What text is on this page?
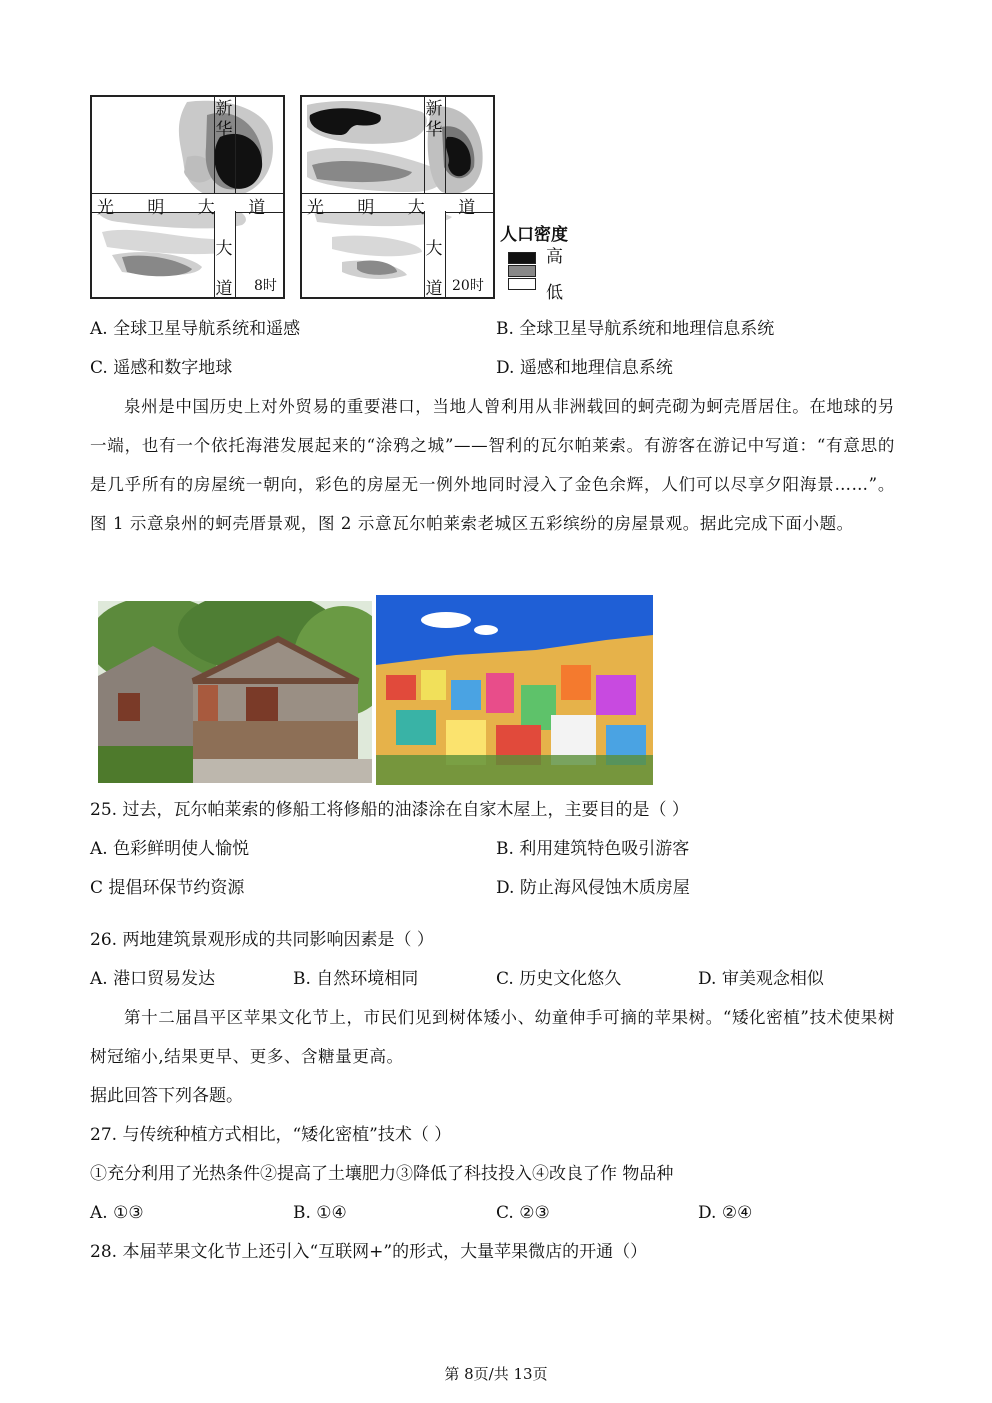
光 明 大 道
新华
大道 8时
光 明 大 道
新华
大道 20时
人口密度
高
低
A. 全球卫星导航系统和遥感	B. 全球卫星导航系统和地理信息系统
C. 遥感和数字地球	D. 遥感和地理信息系统
泉州是中国历史上对外贸易的重要港口，当地人曾利用从非洲载回的蚵壳砌为蚵壳厝居住。在地球的另一端，也有一个依托海港发展起来的“涂鸦之城”——智利的瓦尔帕莱索。有游客在游记中写道：“有意思的是几乎所有的房屋统一朝向，彩色的房屋无一例外地同时浸入了金色余辉，人们可以尽享夕阳海景……”。图 1 示意泉州的蚵壳厝景观，图 2 示意瓦尔帕莱索老城区五彩缤纷的房屋景观。据此完成下面小题。
25. 过去，瓦尔帕莱索的修船工将修船的油漆涂在自家木屋上，主要目的是（ ）
A. 色彩鲜明使人愉悦	B. 利用建筑特色吸引游客
C 提倡环保节约资源	D. 防止海风侵蚀木质房屋
26. 两地建筑景观形成的共同影响因素是（ ）
A. 港口贸易发达	B. 自然环境相同	C. 历史文化悠久	D. 审美观念相似
第十二届昌平区苹果文化节上，市民们见到树体矮小、幼童伸手可摘的苹果树。“矮化密植”技术使果树树冠缩小,结果更早、更多、含糖量更高。
据此回答下列各题。
27. 与传统种植方式相比，“矮化密植”技术（ ）
①充分利用了光热条件②提高了土壤肥力③降低了科技投入④改良了作 物品种
A. ①③	B. ①④	C. ②③	D. ②④
28. 本届苹果文化节上还引入“互联网+”的形式，大量苹果微店的开通（）
第 8页/共 13页
